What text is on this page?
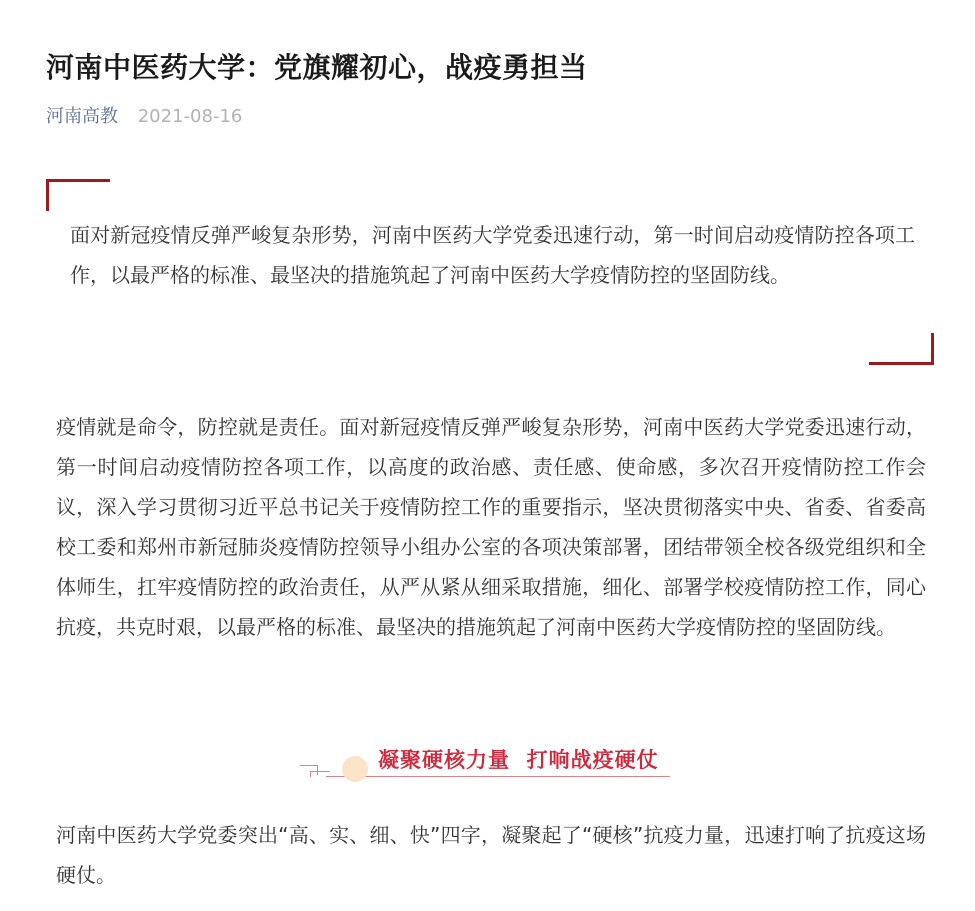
河南中医药大学：党旗耀初心，战疫勇担当
河南高教 2021-08-16

面对新冠疫情反弹严峻复杂形势，河南中医药大学党委迅速行动，第一时间启动疫情防控各项工作，以最严格的标准、最坚决的措施筑起了河南中医药大学疫情防控的坚固防线。

疫情就是命令，防控就是责任。面对新冠疫情反弹严峻复杂形势，河南中医药大学党委迅速行动，第一时间启动疫情防控各项工作，以高度的政治感、责任感、使命感，多次召开疫情防控工作会议，深入学习贯彻习近平总书记关于疫情防控工作的重要指示，坚决贯彻落实中央、省委、省委高校工委和郑州市新冠肺炎疫情防控领导小组办公室的各项决策部署，团结带领全校各级党组织和全体师生，扛牢疫情防控的政治责任，从严从紧从细采取措施，细化、部署学校疫情防控工作，同心抗疫，共克时艰，以最严格的标准、最坚决的措施筑起了河南中医药大学疫情防控的坚固防线。

凝聚硬核力量  打响战疫硬仗

河南中医药大学党委突出“高、实、细、快”四字，凝聚起了“硬核”抗疫力量，迅速打响了抗疫这场硬仗。
